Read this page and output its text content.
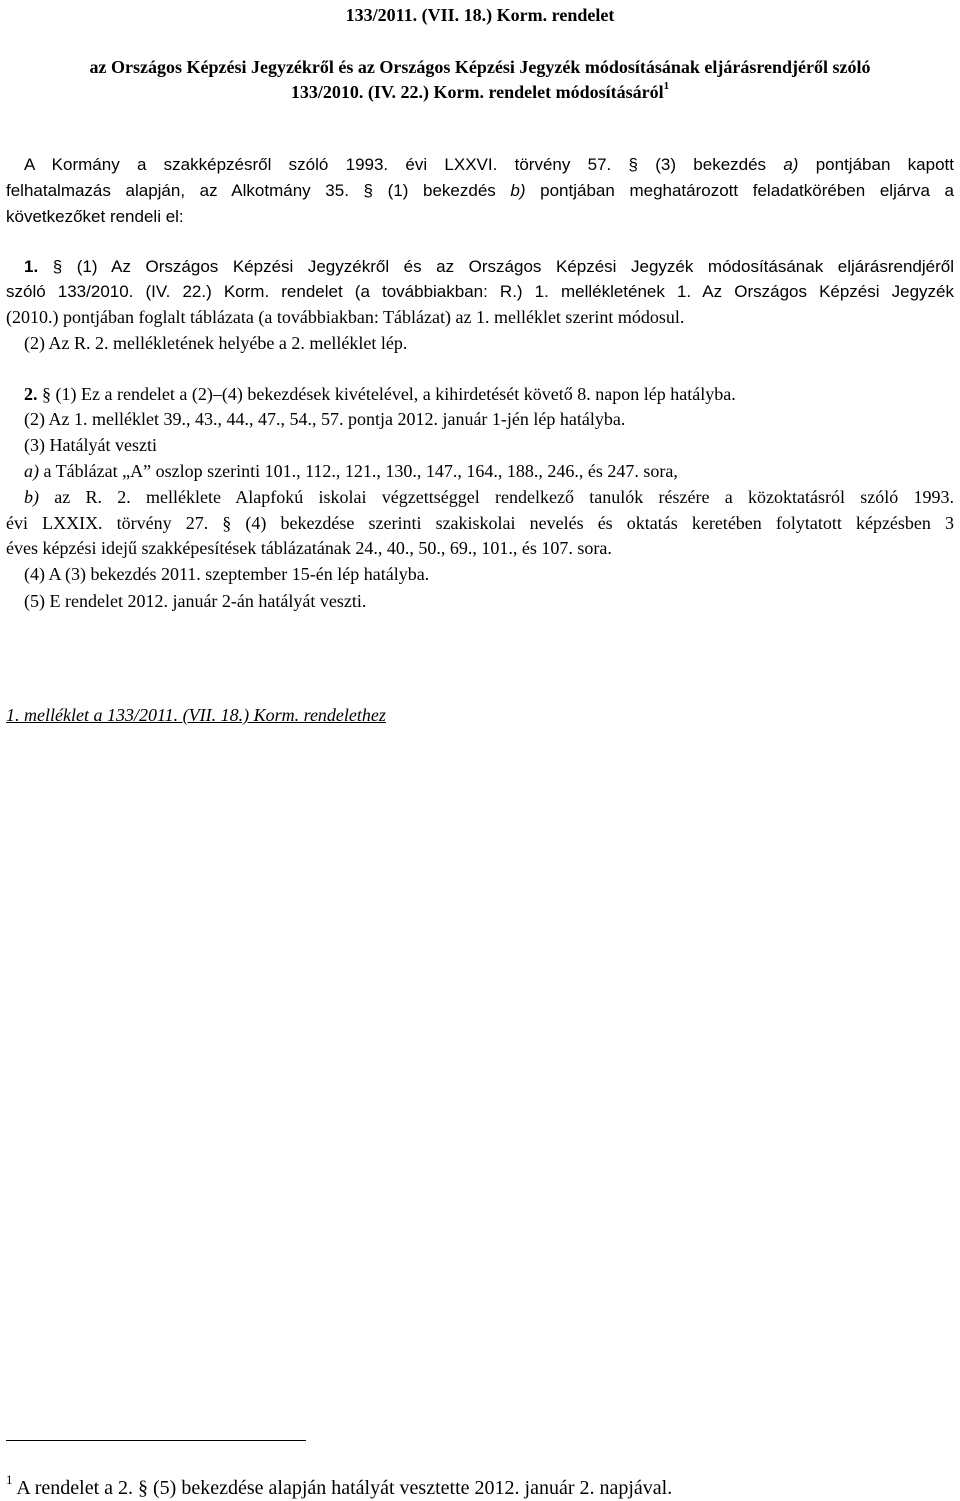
133/2011. (VII. 18.) Korm. rendelet

az Országos Képzési Jegyzékről és az Országos Képzési Jegyzék módosításának eljárásrendjéről szóló

133/2010. (IV. 22.) Korm. rendelet módosításáról$^1$

A Kormány a szakképzésről szóló 1993. évi LXXVI. törvény 57. § (3) bekezdés a) pontjában kapott

felhatalmazás alapján, az Alkotmány 35. § (1) bekezdés b) pontjában meghatározott feladatkörében eljárva a

következőket rendeli el:

1. § (1) Az Országos Képzési Jegyzékről és az Országos Képzési Jegyzék módosításának eljárásrendjéről

szóló 133/2010. (IV. 22.) Korm. rendelet (a továbbiakban: R.) 1. mellékletének 1. Az Országos Képzési Jegyzék

(2010.) pontjában foglalt táblázata (a továbbiakban: Táblázat) az 1. melléklet szerint módosul.

(2) Az R. 2. mellékletének helyébe a 2. melléklet lép.

2. § (1) Ez a rendelet a (2)–(4) bekezdések kivételével, a kihirdetését követő 8. napon lép hatályba.

(2) Az 1. melléklet 39., 43., 44., 47., 54., 57. pontja 2012. január 1-jén lép hatályba.

(3) Hatályát veszti

a) a Táblázat „A” oszlop szerinti 101., 112., 121., 130., 147., 164., 188., 246., és 247. sora,

b) az R. 2. melléklete Alapfokú iskolai végzettséggel rendelkező tanulók részére a közoktatásról szóló 1993.

évi LXXIX. törvény 27. § (4) bekezdése szerinti szakiskolai nevelés és oktatás keretében folytatott képzésben 3

éves képzési idejű szakképesítések táblázatának 24., 40., 50., 69., 101., és 107. sora.

(4) A (3) bekezdés 2011. szeptember 15-én lép hatályba.

(5) E rendelet 2012. január 2-án hatályát veszti.

1. melléklet a 133/2011. (VII. 18.) Korm. rendelethez

$^1$ A rendelet a 2. § (5) bekezdése alapján hatályát vesztette 2012. január 2. napjával.
